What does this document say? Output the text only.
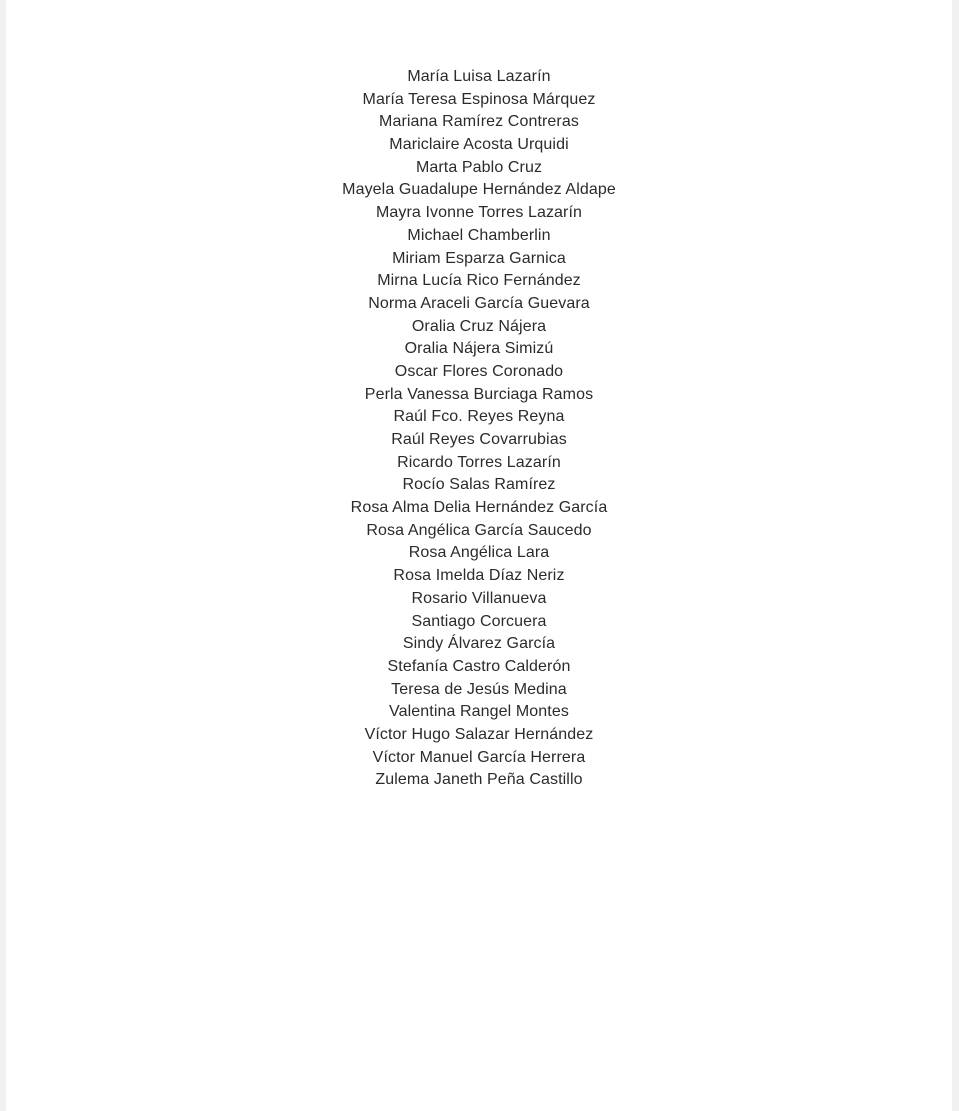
María Luisa Lazarín
María Teresa Espinosa Márquez
Mariana Ramírez Contreras
Mariclaire Acosta Urquidi
Marta Pablo Cruz
Mayela Guadalupe Hernández Aldape
Mayra Ivonne Torres Lazarín
Michael Chamberlin
Miriam Esparza Garnica
Mirna Lucía Rico Fernández
Norma Araceli García Guevara
Oralia Cruz Nájera
Oralia Nájera Simizú
Oscar Flores Coronado
Perla Vanessa Burciaga Ramos
Raúl Fco. Reyes Reyna
Raúl Reyes Covarrubias
Ricardo Torres Lazarín
Rocío Salas Ramírez
Rosa Alma Delia Hernández García
Rosa Angélica García Saucedo
Rosa Angélica Lara
Rosa Imelda Díaz Neriz
Rosario Villanueva
Santiago Corcuera
Sindy Álvarez García
Stefanía Castro Calderón
Teresa de Jesús Medina
Valentina Rangel Montes
Víctor Hugo Salazar Hernández
Víctor Manuel García Herrera
Zulema Janeth Peña Castillo
